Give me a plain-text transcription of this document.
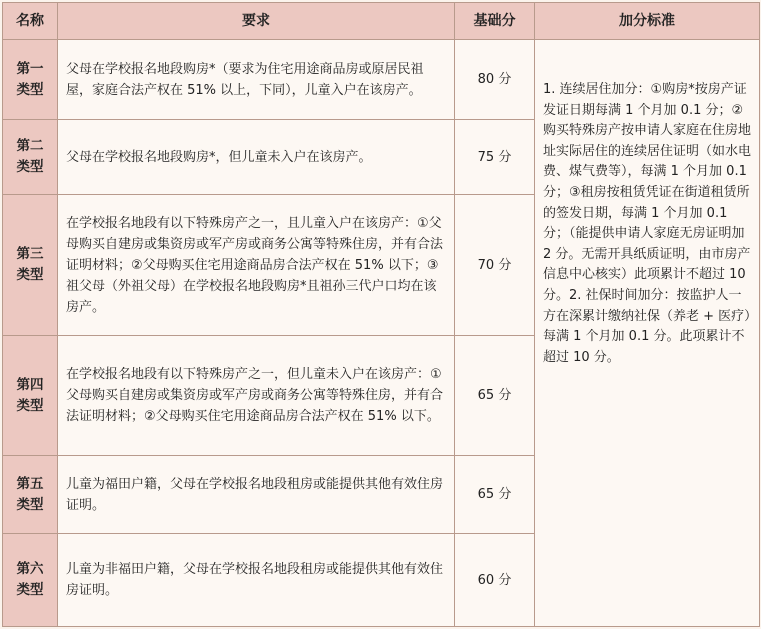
名称	要求	基础分	加分标准
第一类型	父母在学校报名地段购房*（要求为住宅用途商品房或原居民祖屋，家庭合法产权在 51% 以上，下同），儿童入户在该房产。	80 分	1. 连续居住加分：①购房*按房产证发证日期每满 1 个月加 0.1 分；②购买特殊房产按申请人家庭在住房地址实际居住的连续居住证明（如水电费、煤气费等），每满 1 个月加 0.1 分；③租房按租赁凭证在街道租赁所的签发日期，每满 1 个月加 0.1 分；（能提供申请人家庭无房证明加 2 分。无需开具纸质证明，由市房产信息中心核实）此项累计不超过 10 分。2. 社保时间加分：按监护人一方在深累计缴纳社保（养老 + 医疗）每满 1 个月加 0.1 分。此项累计不超过 10 分。

第二类型	父母在学校报名地段购房*，但儿童未入户在该房产。	75 分	
第三类型	在学校报名地段有以下特殊房产之一，且儿童入户在该房产：①父母购买自建房或集资房或军产房或商务公寓等特殊住房，并有合法证明材料；②父母购买住宅用途商品房合法产权在 51% 以下；③祖父母（外祖父母）在学校报名地段购房*且祖孙三代户口均在该房产。	70 分	
第四类型	在学校报名地段有以下特殊房产之一，但儿童未入户在该房产：①父母购买自建房或集资房或军产房或商务公寓等特殊住房，并有合法证明材料；②父母购买住宅用途商品房合法产权在 51% 以下。	65 分	
第五类型	儿童为福田户籍，父母在学校报名地段租房或能提供其他有效住房证明。	65 分	
第六类型	儿童为非福田户籍，父母在学校报名地段租房或能提供其他有效住房证明。	60 分	
